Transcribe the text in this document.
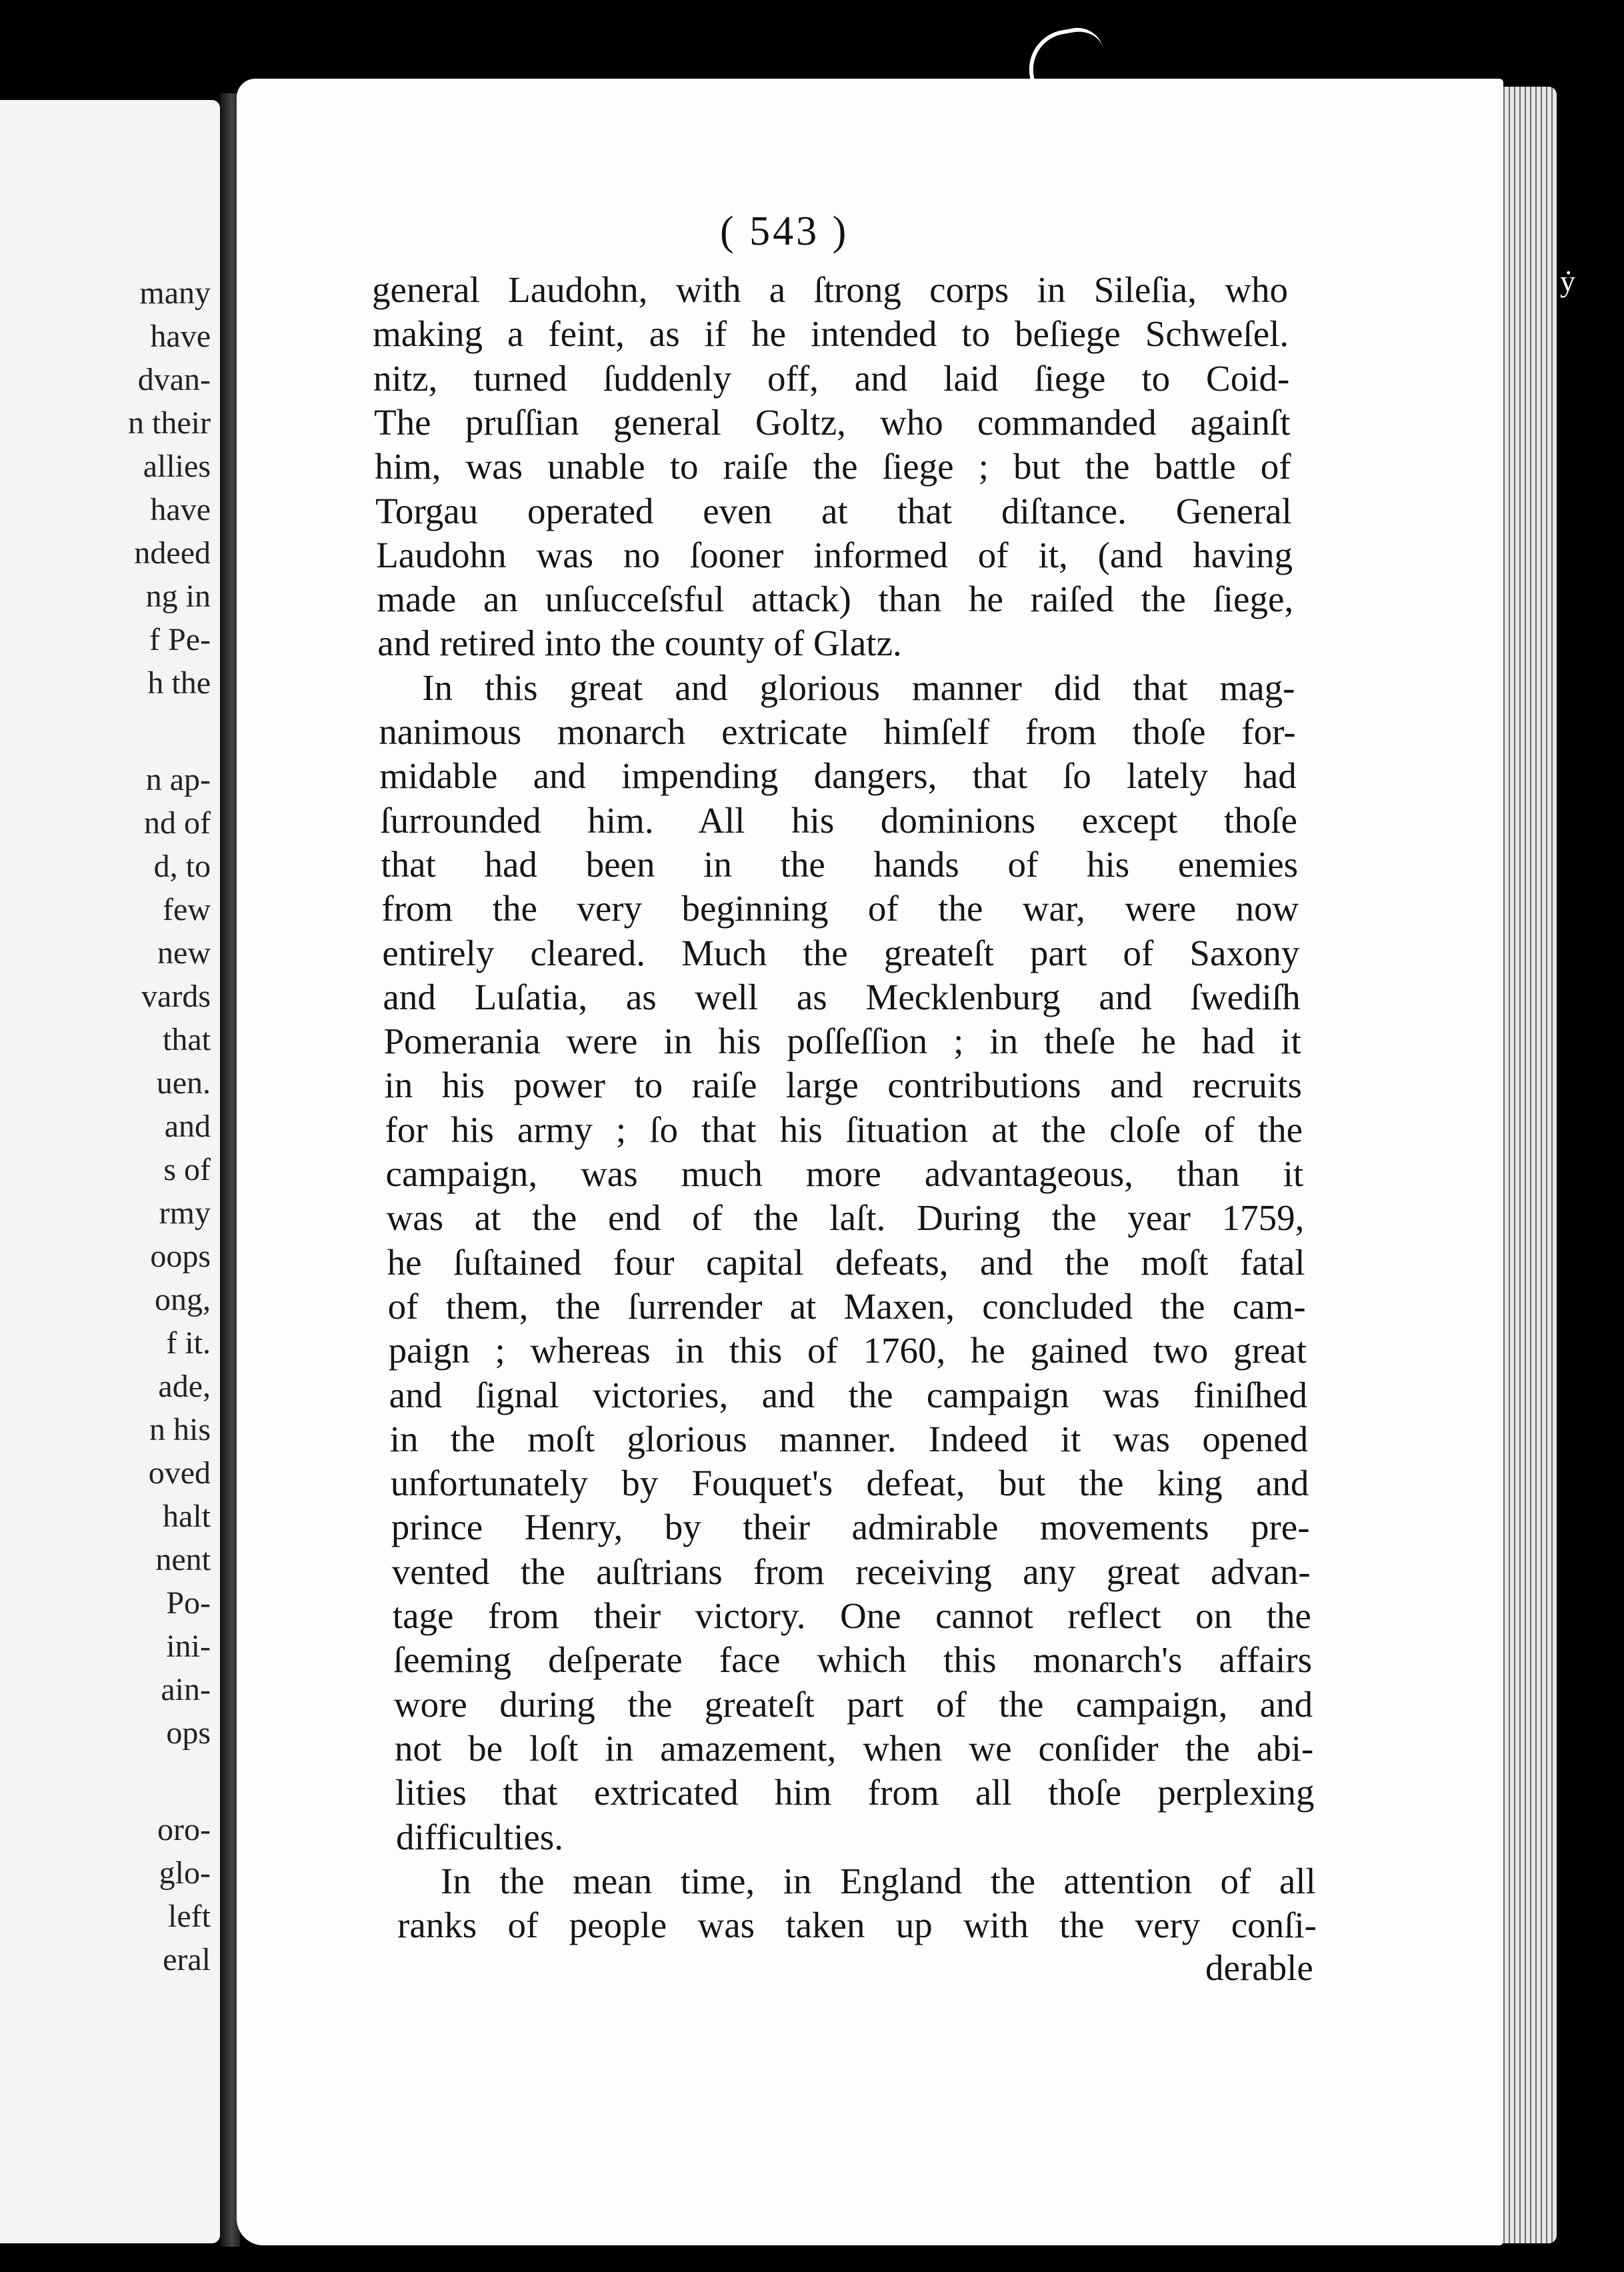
many
have
dvan-
n their
allies
have
ndeed
ng in
f Pe-
h the
n ap-
nd of
d, to
few
new
vards
that
uen.
and
s of
rmy
oops
ong,
f it.
ade,
n his
oved
halt
nent
Po-
ini-
ain-
ops
oro-
glo-
left
eral
ẏ
( 543 )
general Laudohn, with a ſtrong corps in Sileſia, who
making a feint, as if he intended to beſiege Schweſel.
nitz, turned ſuddenly off, and laid ſiege to Coid-
The pruſſian general Goltz, who commanded againſt
him, was unable to raiſe the ſiege ; but the battle of
Torgau operated even at that diſtance. General
Laudohn was no ſooner informed of it, (and having
made an unſucceſsful attack) than he raiſed the ſiege,
and retired into the county of Glatz.
In this great and glorious manner did that mag-
nanimous monarch extricate himſelf from thoſe for-
midable and impending dangers, that ſo lately had
ſurrounded him. All his dominions except thoſe
that had been in the hands of his enemies
from the very beginning of the war, were now
entirely cleared. Much the greateſt part of Saxony
and Luſatia, as well as Mecklenburg and ſwediſh
Pomerania were in his poſſeſſion ; in theſe he had it
in his power to raiſe large contributions and recruits
for his army ; ſo that his ſituation at the cloſe of the
campaign, was much more advantageous, than it
was at the end of the laſt. During the year 1759,
he ſuſtained four capital defeats, and the moſt fatal
of them, the ſurrender at Maxen, concluded the cam-
paign ; whereas in this of 1760, he gained two great
and ſignal victories, and the campaign was finiſhed
in the moſt glorious manner. Indeed it was opened
unfortunately by Fouquet's defeat, but the king and
prince Henry, by their admirable movements pre-
vented the auſtrians from receiving any great advan-
tage from their victory. One cannot reflect on the
ſeeming deſperate face which this monarch's affairs
wore during the greateſt part of the campaign, and
not be loſt in amazement, when we conſider the abi-
lities that extricated him from all thoſe perplexing
difficulties.
In the mean time, in England the attention of all
ranks of people was taken up with the very conſi-
derable
